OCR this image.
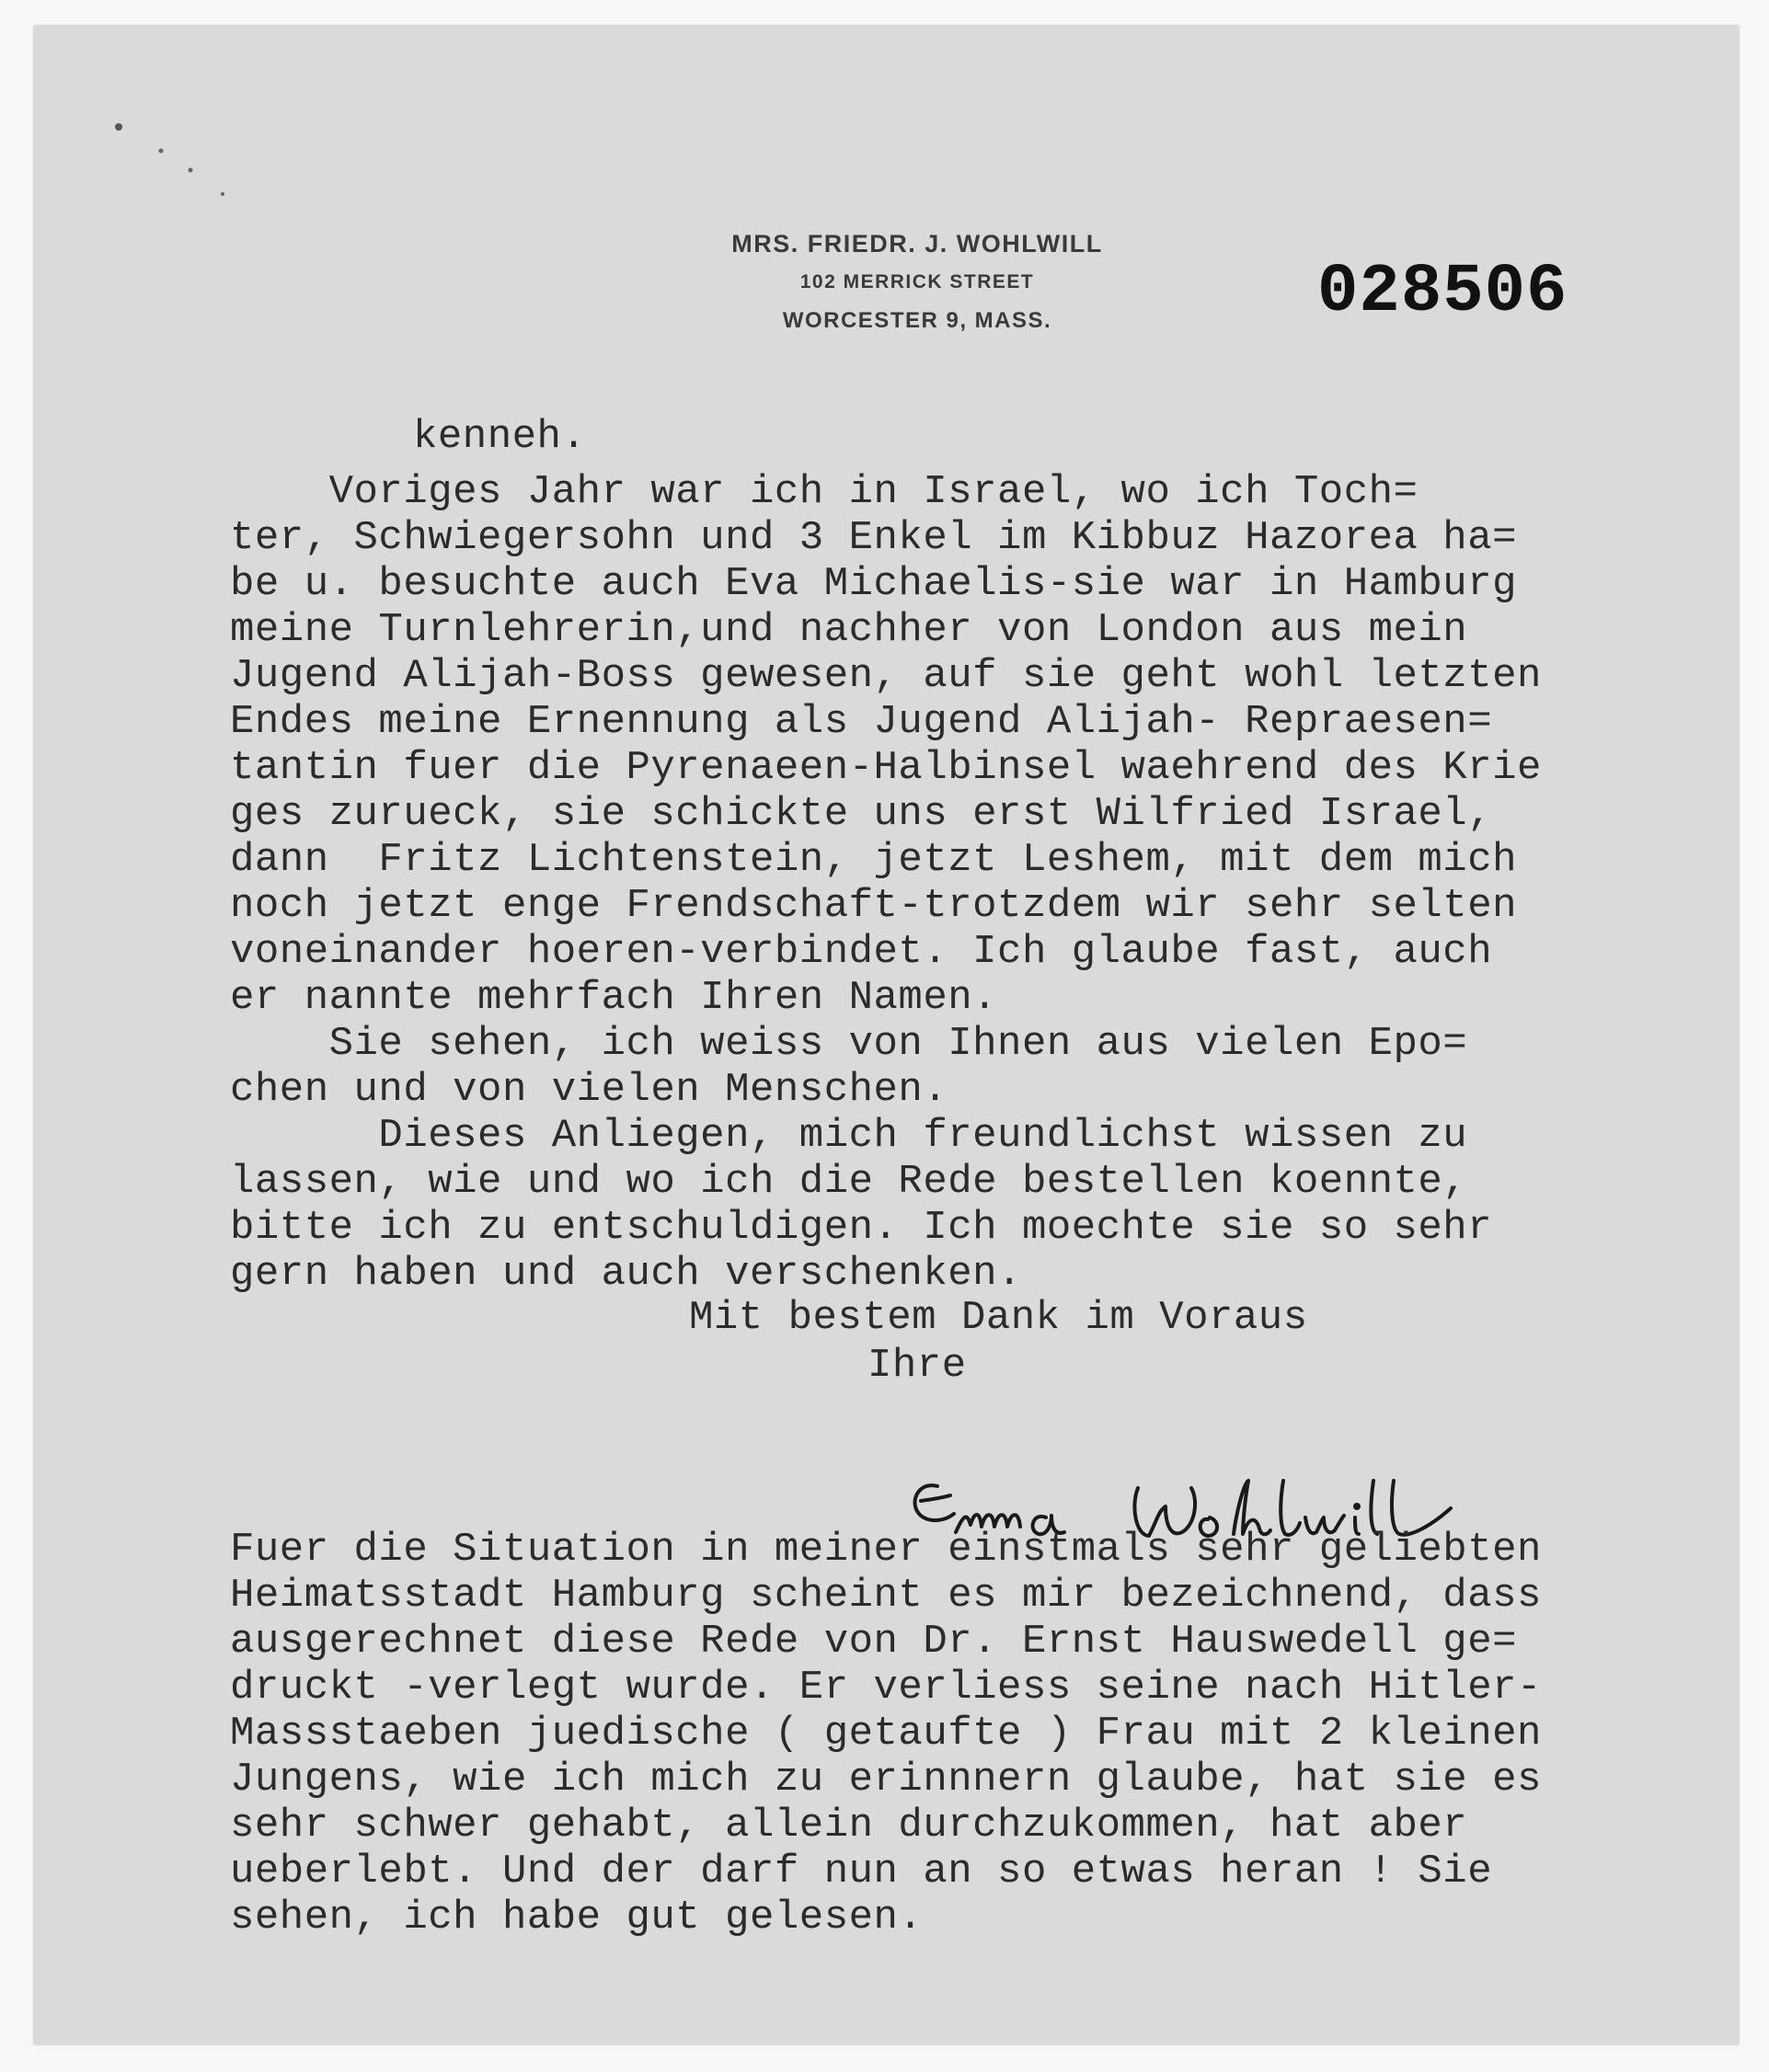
MRS. FRIEDR. J. WOHLWILL
102 MERRICK STREET
WORCESTER 9, MASS.	028506
kenneh.
Voriges Jahr war ich in Israel, wo ich Toch=
ter, Schwiegersohn und 3 Enkel im Kibbuz Hazorea ha=
be u. besuchte auch Eva Michaelis-sie war in Hamburg
meine Turnlehrerin,und nachher von London aus mein
Jugend Alijah-Boss gewesen, auf sie geht wohl letzten
Endes meine Ernennung als Jugend Alijah- Repraesen=
tantin fuer die Pyrenaeen-Halbinsel waehrend des Krie
ges zurueck, sie schickte uns erst Wilfried Israel,
dann  Fritz Lichtenstein, jetzt Leshem, mit dem mich
noch jetzt enge Frendschaft-trotzdem wir sehr selten
voneinander hoeren-verbindet. Ich glaube fast, auch
er nannte mehrfach Ihren Namen.
Sie sehen, ich weiss von Ihnen aus vielen Epo=
chen und von vielen Menschen.
Dieses Anliegen, mich freundlichst wissen zu
lassen, wie und wo ich die Rede bestellen koennte,
bitte ich zu entschuldigen. Ich moechte sie so sehr
gern haben und auch verschenken.
Mit bestem Dank im Voraus
Ihre
Fuer die Situation in meiner einstmals sehr geliebten
Heimatsstadt Hamburg scheint es mir bezeichnend, dass
ausgerechnet diese Rede von Dr. Ernst Hauswedell ge=
druckt -verlegt wurde. Er verliess seine nach Hitler-
Massstaeben juedische ( getaufte ) Frau mit 2 kleinen
Jungens, wie ich mich zu erinnnern glaube, hat sie es
sehr schwer gehabt, allein durchzukommen, hat aber
ueberlebt. Und der darf nun an so etwas heran ! Sie
sehen, ich habe gut gelesen.
